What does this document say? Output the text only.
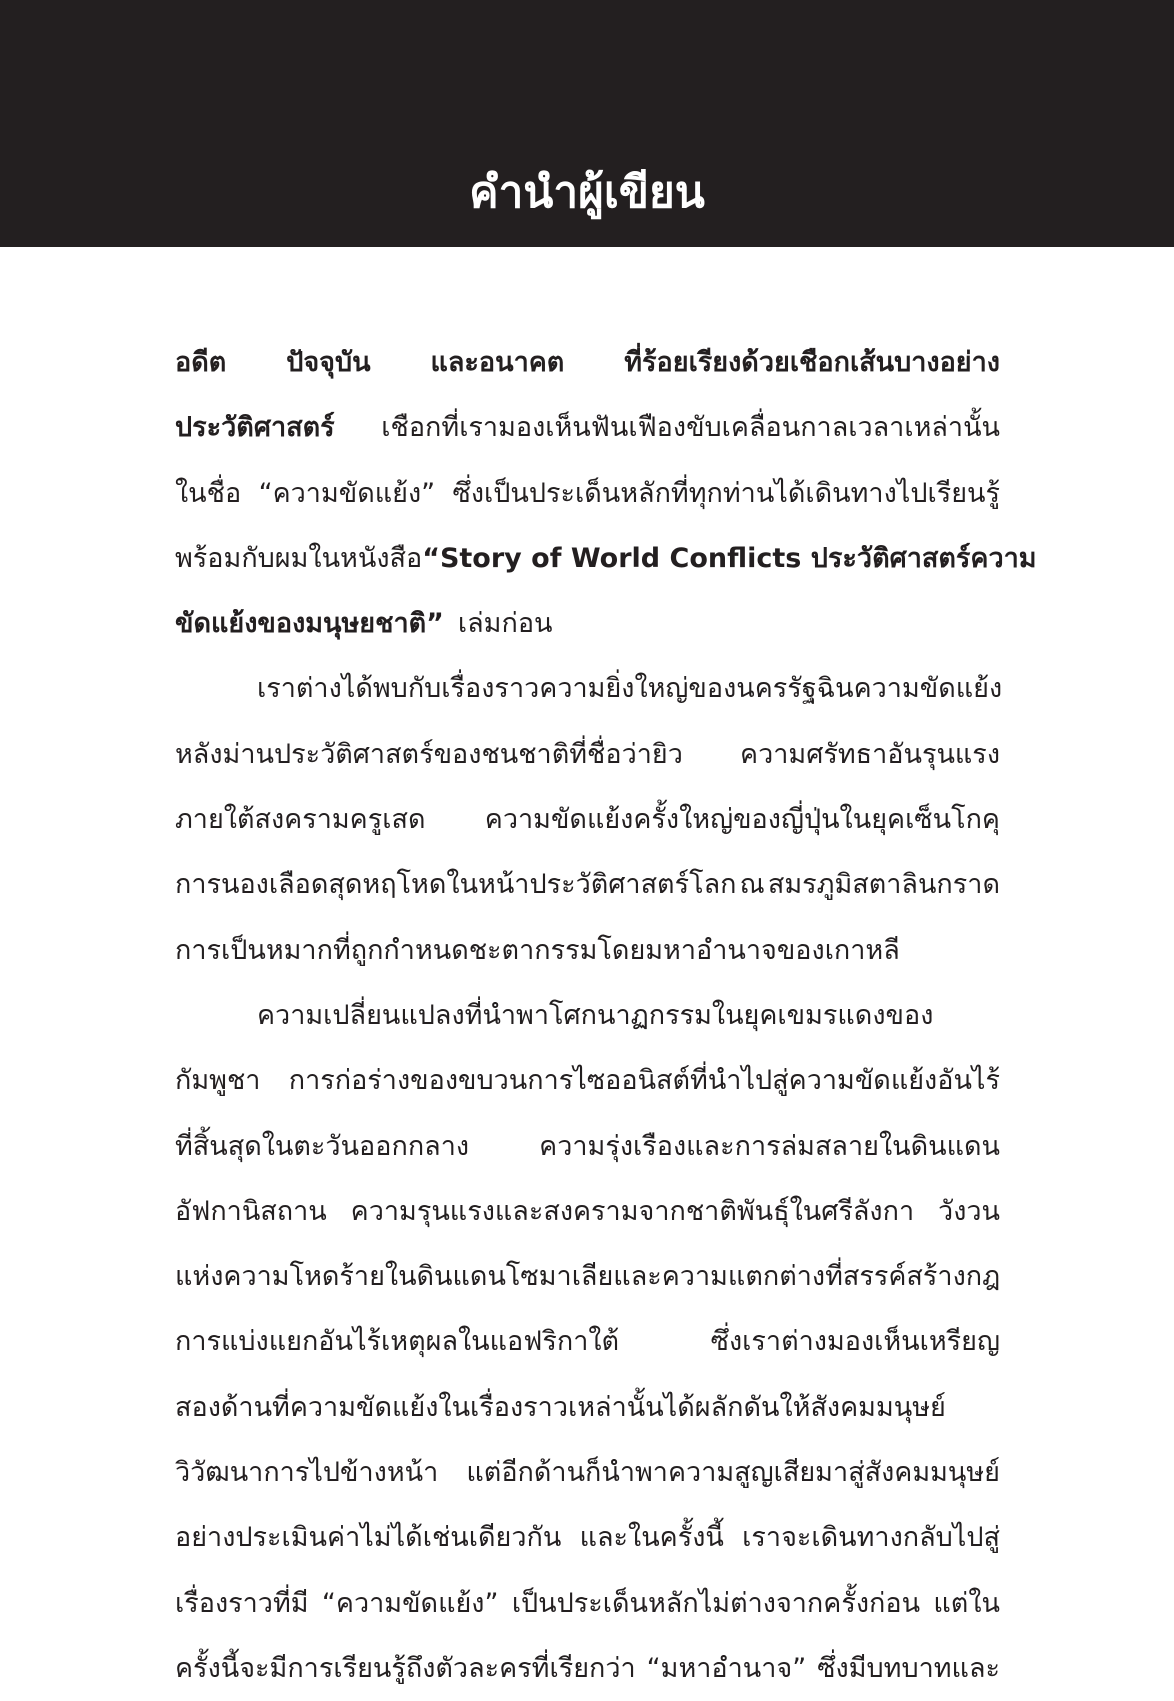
คำนำผู้เขียน
อดีต ปัจจุบัน และอนาคต ที่ร้อยเรียงด้วยเชือกเส้นบางอย่าง
ประวัติศาสตร์ เชือกที่เรามองเห็นฟันเฟืองขับเคลื่อนกาลเวลาเหล่านั้น
ในชื่อ “ความขัดแย้ง” ซึ่งเป็นประเด็นหลักที่ทุกท่านได้เดินทางไปเรียนรู้
พร้อมกับผมในหนังสือ “Story of World Conflicts ประวัติศาสตร์ความ
ขัดแย้งของมนุษยชาติ” เล่มก่อน
เราต่างได้พบกับเรื่องราวความยิ่งใหญ่ของนครรัฐฉิน ความขัดแย้ง
หลังม่านประวัติศาสตร์ของชนชาติที่ชื่อว่ายิว ความศรัทธาอันรุนแรง
ภายใต้สงครามครูเสด ความขัดแย้งครั้งใหญ่ของญี่ปุ่นในยุคเซ็นโกคุ
การนองเลือดสุดหฤโหดในหน้าประวัติศาสตร์โลก ณ สมรภูมิสตาลินกราด
การเป็นหมากที่ถูกกำหนดชะตากรรมโดยมหาอำนาจของเกาหลี
ความเปลี่ยนแปลงที่นำพาโศกนาฏกรรมในยุคเขมรแดงของ
กัมพูชา การก่อร่างของขบวนการไซออนิสต์ที่นำไปสู่ความขัดแย้งอันไร้
ที่สิ้นสุดในตะวันออกกลาง	ความรุ่งเรืองและการล่มสลายในดินแดน
อัฟกานิสถาน ความรุนแรงและสงครามจากชาติพันธุ์ในศรีลังกา วังวน
แห่งความโหดร้ายในดินแดนโซมาเลีย และความแตกต่างที่สรรค์สร้างกฎ
การแบ่งแยกอันไร้เหตุผลในแอฟริกาใต้	ซึ่งเราต่างมองเห็นเหรียญ
สองด้านที่ความขัดแย้งในเรื่องราวเหล่านั้นได้ผลักดันให้สังคมมนุษย์
วิวัฒนาการไปข้างหน้า แต่อีกด้านก็นำพาความสูญเสียมาสู่สังคมมนุษย์
อย่างประเมินค่าไม่ได้เช่นเดียวกัน และในครั้งนี้ เราจะเดินทางกลับไปสู่
เรื่องราวที่มี “ความขัดแย้ง” เป็นประเด็นหลักไม่ต่างจากครั้งก่อน แต่ใน
ครั้งนี้จะมีการเรียนรู้ถึงตัวละครที่เรียกว่า “มหาอำนาจ” ซึ่งมีบทบาทและ
